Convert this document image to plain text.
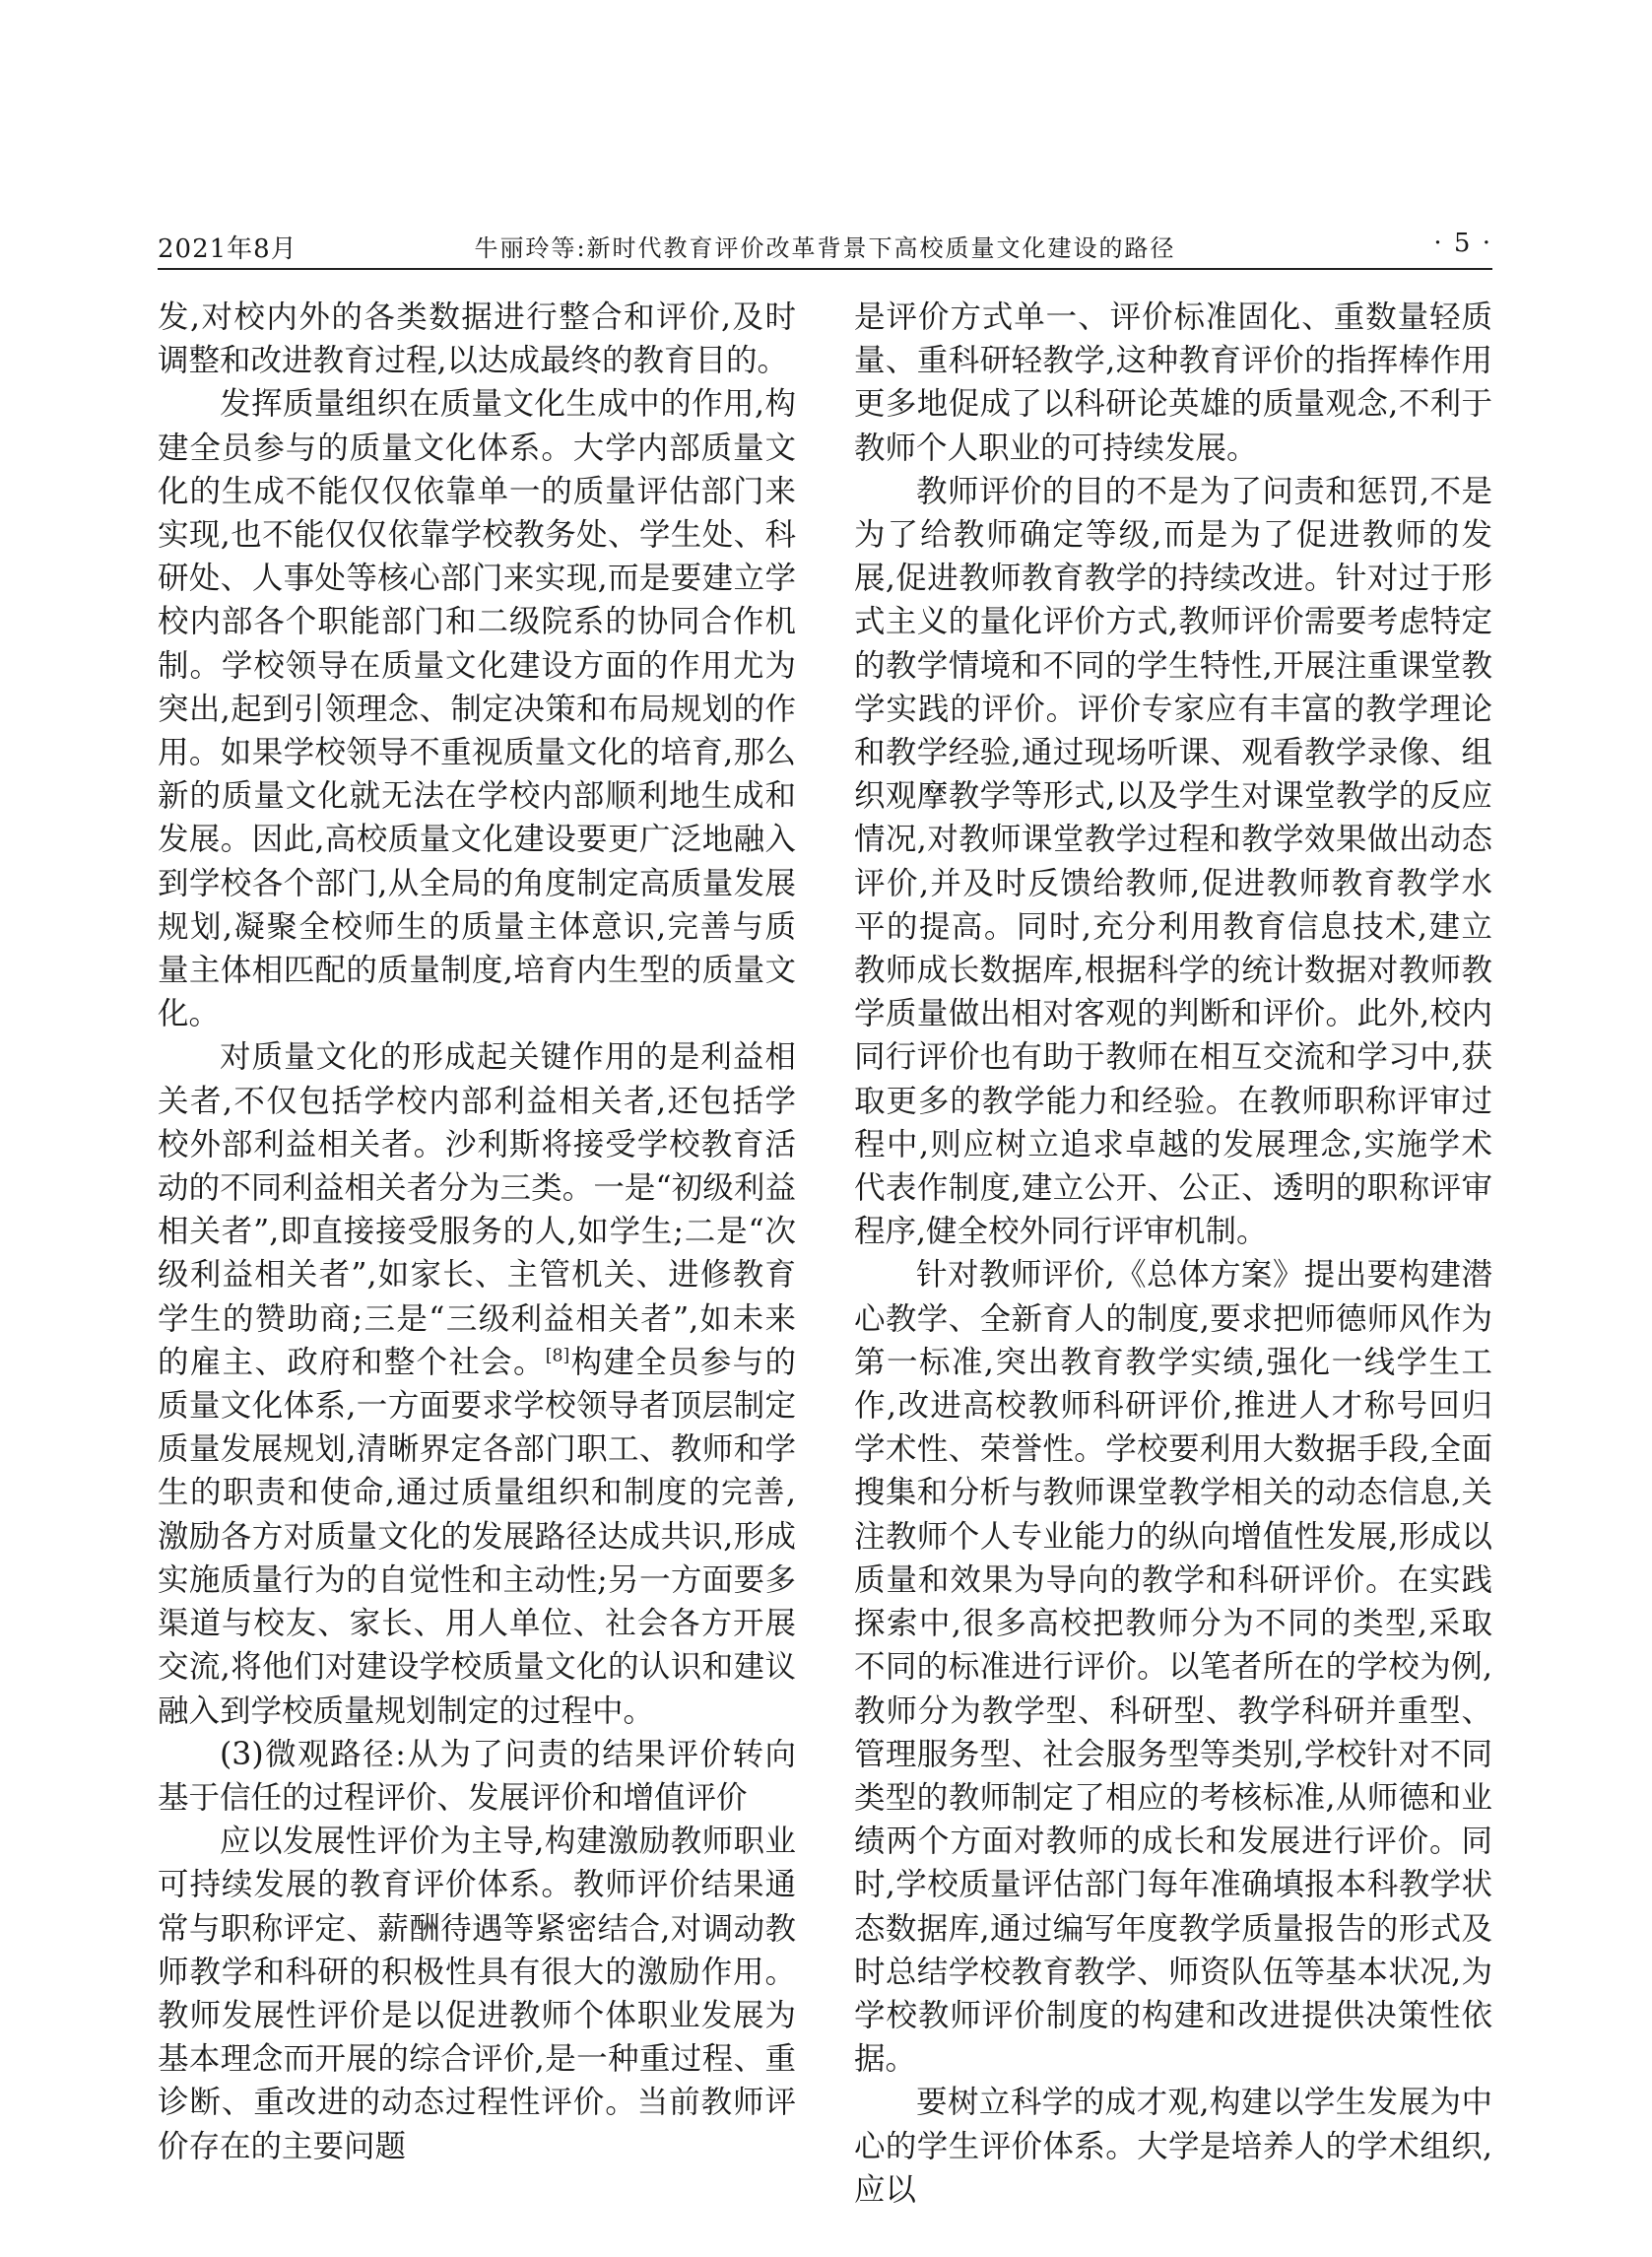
2021年8月	牛丽玲等:新时代教育评价改革背景下高校质量文化建设的路径	· 5 ·

发,对校内外的各类数据进行整合和评价,及时调整和改进教育过程,以达成最终的教育目的。

发挥质量组织在质量文化生成中的作用,构建全员参与的质量文化体系。大学内部质量文化的生成不能仅仅依靠单一的质量评估部门来实现,也不能仅仅依靠学校教务处、学生处、科研处、人事处等核心部门来实现,而是要建立学校内部各个职能部门和二级院系的协同合作机制。学校领导在质量文化建设方面的作用尤为突出,起到引领理念、制定决策和布局规划的作用。如果学校领导不重视质量文化的培育,那么新的质量文化就无法在学校内部顺利地生成和发展。因此,高校质量文化建设要更广泛地融入到学校各个部门,从全局的角度制定高质量发展规划,凝聚全校师生的质量主体意识,完善与质量主体相匹配的质量制度,培育内生型的质量文化。

对质量文化的形成起关键作用的是利益相关者,不仅包括学校内部利益相关者,还包括学校外部利益相关者。沙利斯将接受学校教育活动的不同利益相关者分为三类。一是“初级利益相关者”,即直接接受服务的人,如学生;二是“次级利益相关者”,如家长、主管机关、进修教育学生的赞助商;三是“三级利益相关者”,如未来的雇主、政府和整个社会。[8]构建全员参与的质量文化体系,一方面要求学校领导者顶层制定质量发展规划,清晰界定各部门职工、教师和学生的职责和使命,通过质量组织和制度的完善,激励各方对质量文化的发展路径达成共识,形成实施质量行为的自觉性和主动性;另一方面要多渠道与校友、家长、用人单位、社会各方开展交流,将他们对建设学校质量文化的认识和建议融入到学校质量规划制定的过程中。

(3)微观路径:从为了问责的结果评价转向基于信任的过程评价、发展评价和增值评价

应以发展性评价为主导,构建激励教师职业可持续发展的教育评价体系。教师评价结果通常与职称评定、薪酬待遇等紧密结合,对调动教师教学和科研的积极性具有很大的激励作用。教师发展性评价是以促进教师个体职业发展为基本理念而开展的综合评价,是一种重过程、重诊断、重改进的动态过程性评价。当前教师评价存在的主要问题

是评价方式单一、评价标准固化、重数量轻质量、重科研轻教学,这种教育评价的指挥棒作用更多地促成了以科研论英雄的质量观念,不利于教师个人职业的可持续发展。

教师评价的目的不是为了问责和惩罚,不是为了给教师确定等级,而是为了促进教师的发展,促进教师教育教学的持续改进。针对过于形式主义的量化评价方式,教师评价需要考虑特定的教学情境和不同的学生特性,开展注重课堂教学实践的评价。评价专家应有丰富的教学理论和教学经验,通过现场听课、观看教学录像、组织观摩教学等形式,以及学生对课堂教学的反应情况,对教师课堂教学过程和教学效果做出动态评价,并及时反馈给教师,促进教师教育教学水平的提高。同时,充分利用教育信息技术,建立教师成长数据库,根据科学的统计数据对教师教学质量做出相对客观的判断和评价。此外,校内同行评价也有助于教师在相互交流和学习中,获取更多的教学能力和经验。在教师职称评审过程中,则应树立追求卓越的发展理念,实施学术代表作制度,建立公开、公正、透明的职称评审程序,健全校外同行评审机制。

针对教师评价,《总体方案》提出要构建潜心教学、全新育人的制度,要求把师德师风作为第一标准,突出教育教学实绩,强化一线学生工作,改进高校教师科研评价,推进人才称号回归学术性、荣誉性。学校要利用大数据手段,全面搜集和分析与教师课堂教学相关的动态信息,关注教师个人专业能力的纵向增值性发展,形成以质量和效果为导向的教学和科研评价。在实践探索中,很多高校把教师分为不同的类型,采取不同的标准进行评价。以笔者所在的学校为例,教师分为教学型、科研型、教学科研并重型、管理服务型、社会服务型等类别,学校针对不同类型的教师制定了相应的考核标准,从师德和业绩两个方面对教师的成长和发展进行评价。同时,学校质量评估部门每年准确填报本科教学状态数据库,通过编写年度教学质量报告的形式及时总结学校教育教学、师资队伍等基本状况,为学校教师评价制度的构建和改进提供决策性依据。

要树立科学的成才观,构建以学生发展为中心的学生评价体系。大学是培养人的学术组织,应以
